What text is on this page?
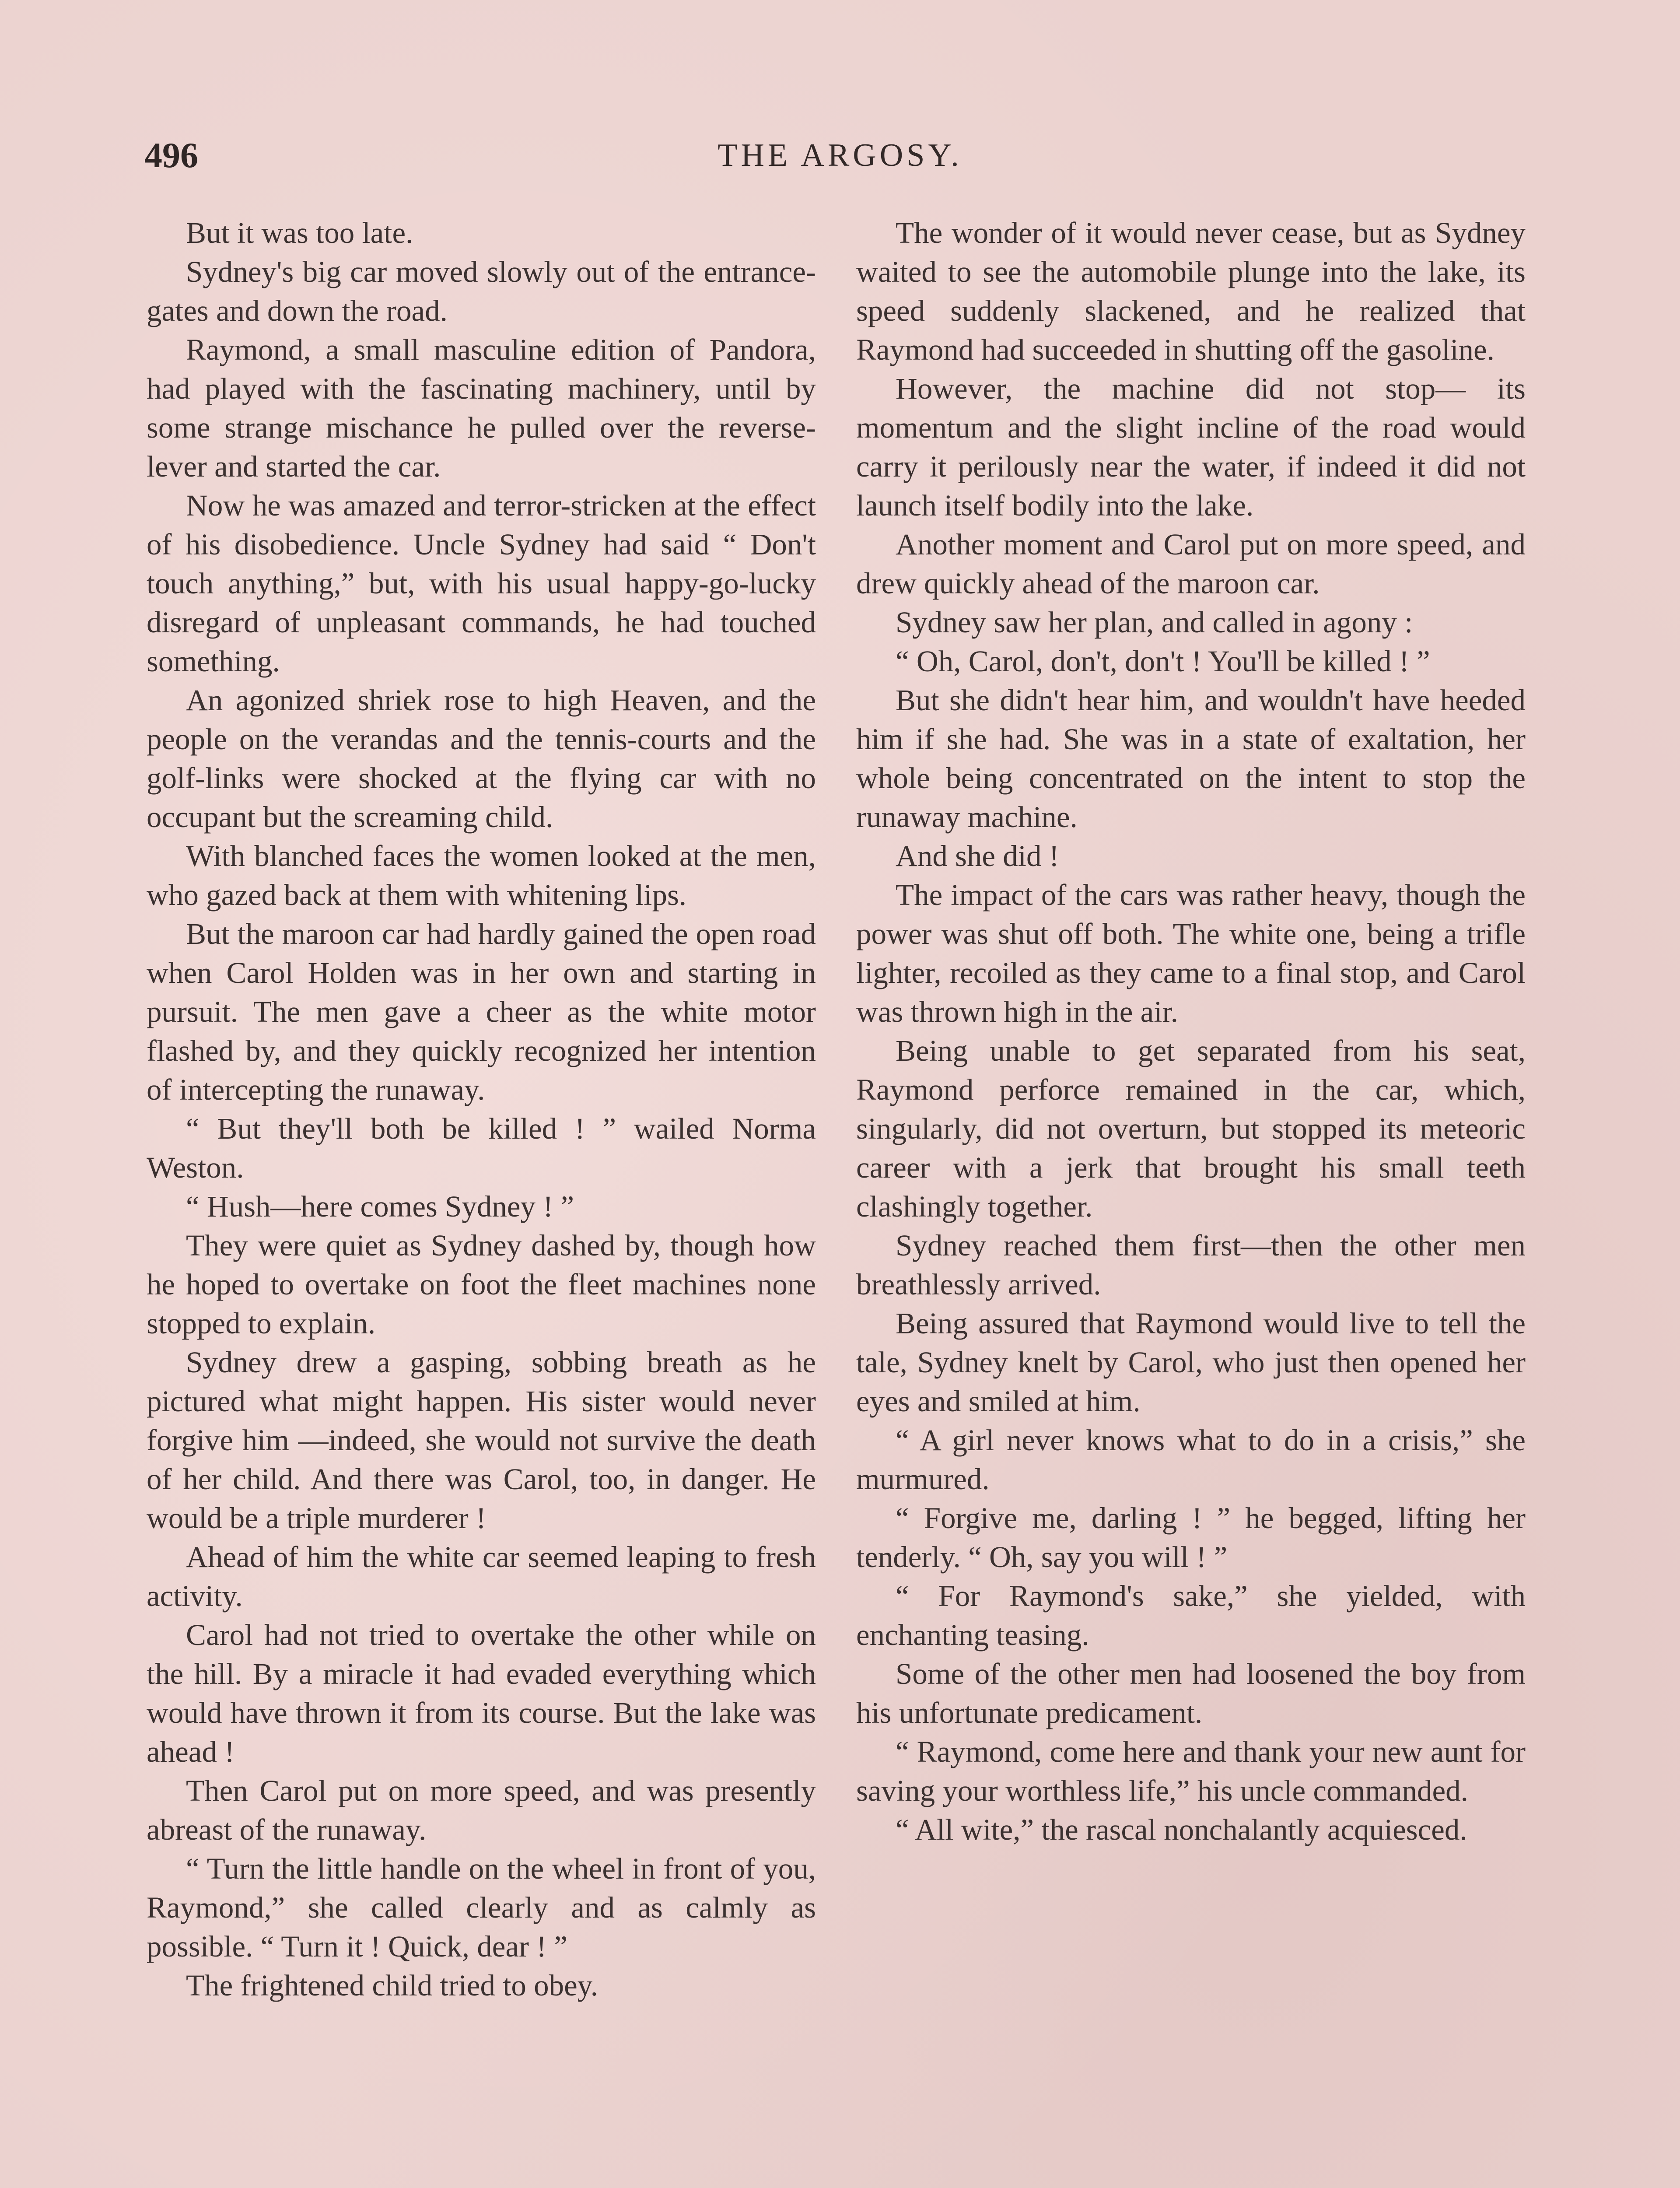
496	THE ARGOSY.

But it was too late.

Sydney's big car moved slowly out of the entrance-gates and down the road.

Raymond, a small masculine edition of Pandora, had played with the fascinating machinery, until by some strange mischance he pulled over the reverse-lever and started the car.

Now he was amazed and terror-stricken at the effect of his disobedience. Uncle Sydney had said “ Don't touch anything,” but, with his usual happy-go-lucky disregard of unpleasant commands, he had touched something.

An agonized shriek rose to high Heaven, and the people on the verandas and the tennis-courts and the golf-links were shocked at the flying car with no occupant but the screaming child.

With blanched faces the women looked at the men, who gazed back at them with whitening lips.

But the maroon car had hardly gained the open road when Carol Holden was in her own and starting in pursuit. The men gave a cheer as the white motor flashed by, and they quickly recognized her intention of intercepting the runaway.

“ But they'll both be killed ! ” wailed Norma Weston.

“ Hush—here comes Sydney ! ”

They were quiet as Sydney dashed by, though how he hoped to overtake on foot the fleet machines none stopped to explain.

Sydney drew a gasping, sobbing breath as he pictured what might happen. His sister would never forgive him —indeed, she would not survive the death of her child. And there was Carol, too, in danger. He would be a triple murderer !

Ahead of him the white car seemed leaping to fresh activity.

Carol had not tried to overtake the other while on the hill. By a miracle it had evaded everything which would have thrown it from its course. But the lake was ahead !

Then Carol put on more speed, and was presently abreast of the runaway.

“ Turn the little handle on the wheel in front of you, Raymond,” she called clearly and as calmly as possible. “ Turn it ! Quick, dear ! ”

The frightened child tried to obey.

The wonder of it would never cease, but as Sydney waited to see the automobile plunge into the lake, its speed suddenly slackened, and he realized that Raymond had succeeded in shutting off the gasoline.

However, the machine did not stop— its momentum and the slight incline of the road would carry it perilously near the water, if indeed it did not launch itself bodily into the lake.

Another moment and Carol put on more speed, and drew quickly ahead of the maroon car.

Sydney saw her plan, and called in agony :

“ Oh, Carol, don't, don't ! You'll be killed ! ”

But she didn't hear him, and wouldn't have heeded him if she had. She was in a state of exaltation, her whole being concentrated on the intent to stop the runaway machine.

And she did !

The impact of the cars was rather heavy, though the power was shut off both. The white one, being a trifle lighter, recoiled as they came to a final stop, and Carol was thrown high in the air.

Being unable to get separated from his seat, Raymond perforce remained in the car, which, singularly, did not overturn, but stopped its meteoric career with a jerk that brought his small teeth clashingly together.

Sydney reached them first—then the other men breathlessly arrived.

Being assured that Raymond would live to tell the tale, Sydney knelt by Carol, who just then opened her eyes and smiled at him.

“ A girl never knows what to do in a crisis,” she murmured.

“ Forgive me, darling ! ” he begged, lifting her tenderly. “ Oh, say you will ! ”

“ For Raymond's sake,” she yielded, with enchanting teasing.

Some of the other men had loosened the boy from his unfortunate predicament.

“ Raymond, come here and thank your new aunt for saving your worthless life,” his uncle commanded.

“ All wite,” the rascal nonchalantly acquiesced.
